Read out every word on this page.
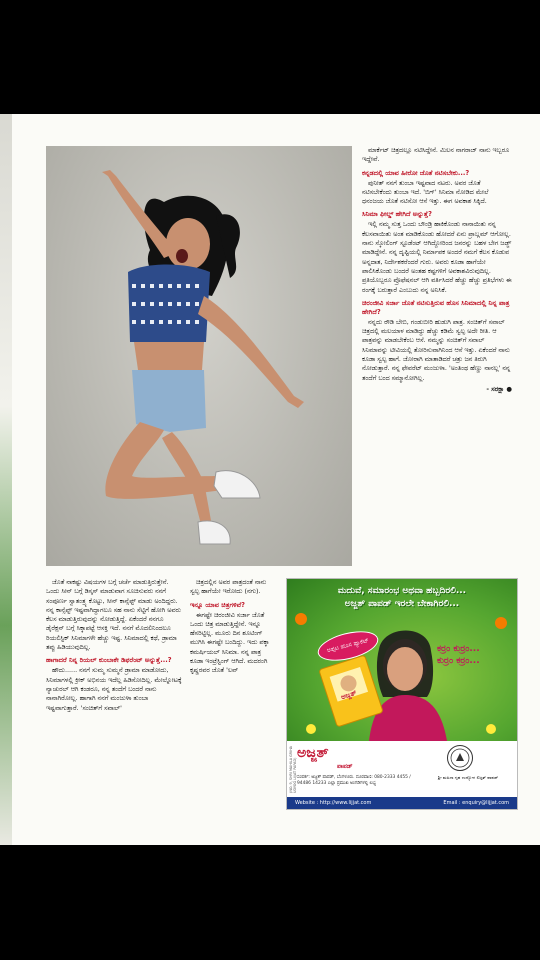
ಮಾರ್ಕೆಟ್ ಚಿತ್ರದಲ್ಲೂ ನಟಿಸಿದ್ದೇನೆ. ಮಿಲನ ನಾಗರಾಜ್ ನಾನು ಇಬ್ಬರೂ ಇದ್ದೇವೆ.

ಕನ್ನಡದಲ್ಲಿ ಯಾವ ಹೀರೋ ಜೊತೆ ನಟಿಸಬೇಕು...?

ಪುನೀತ್ ನನಗೆ ತುಂಬಾ ಇಷ್ಟವಾದ ನಟರು. ಅವರ ಜೊತೆ ನಟಿಸಬೇಕೆಂದು ತುಂಬಾ ಇದೆ. 'ಬಿಗ್' ಸಿನಿಮಾ ನೋಡಿದ ಮೇಲೆ ಧನಂಜಯ ಜೊತೆ ನಟಿಸೋ ಆಸೆ ಇತ್ತು. ಈಗ ಅವಕಾಶ ಸಿಕ್ಕಿದೆ.

ಸಿನಿಮಾ ಫೀಲ್ಡ್ ಹೇಗಿದೆ ಅನ್ನುತ್ತೆ?

ಇಲ್ಲಿ ನಮ್ಮ ಸುತ್ತ ಒಂದು ಬೌಂಡ್ರಿ ಹಾಕಿಕೊಂಡು ನಾನಾಯಿತು ನನ್ನ ಕೆಲಸವಾಯಿತು ಅಂತ ಮಾಡಿಕೊಂಡು ಹೋದರೆ ಏನು ಪ್ರಾಬ್ಲಮ್ ಆಗೋಲ್ಲ. ನಾನು ಸ್ಕೋಲಿಂಗ್ ಸ್ಟೂಡೆಂಟ್ ಆಗಿದ್ದೋರಿಂದ ಜನರನ್ನು ಬಹಳ ಬೇಗ ಜಡ್ಜ್ ಮಾಡಿದ್ದೇನೆ. ನನ್ನ ದೃಷ್ಟಿಯಲ್ಲಿ ನಿರ್ಮಾಪಕ ಅಂದರೆ ನಮಗೆ ಕೆಲಸ ಕೊಡುವ ಅನ್ನದಾತ, ನಿರ್ದೇಶಕರೆಂದರೆ ಗುರು. ಅವರು ಕೂಡಾ ಹಾಗೆಯೇ ಪಾಲಿಸಿಕೊಂಡು ಬಂದರೆ ಅಂತಹ ಕಷ್ಟಗಳಿಗೆ ಅವಕಾಶವಿರುವುದಿಲ್ಲ. ಪ್ರತಿಯೊಬ್ಬರೂ ಪ್ರೊಫೆಷನಲ್ ಆಗಿ ವರ್ತಿಸಿದರೆ ಹೆಚ್ಚು ಹೆಚ್ಚು ಪ್ರತಿಭೆಗಳು ಈ ರಂಗಕ್ಕೆ ಬರುತ್ತಾರೆ ಎಂಬುದು ನನ್ನ ಅನಿಸಿಕೆ.

ಚಿರಂಜೀವಿ ಸರ್ಜಾ ಜೊತೆ ನಟಿಸುತ್ತಿರುವ ಹೊಸ ಸಿನಿಮಾದಲ್ಲಿ ನಿನ್ನ ಪಾತ್ರ ಹೇಗಿದೆ?

ನನ್ನದು ರೌಡಿ ಬೇಬಿ, ಗಂಡುಬೀರಿ ಹುಡುಗಿ ಪಾತ್ರ. ಸಂಚಿತ್‌ಗೆ ಸವಾಲ್ ಚಿತ್ರದಲ್ಲಿ ಮಲಯಾಳ ಮಾಡಿದ್ದು ಹೆಚ್ಚು ಕಡಿಮೆ ಸ್ವಲ್ಪ ಅದೇ ರೀತಿ. ಆ ಪಾತ್ರವನ್ನು ಮಾಡಬೇಕೆಂಬ ಆಸೆ. ನಮ್ಮನ್ನು ಸಂಚಿತ್‌ಗೆ ಸವಾಲ್ ಸಿನಿಮಾವನ್ನು ಟೀವಿಯಲ್ಲಿ ತೋರಿಸುವಾಗಿನಿಂದ ಆಸೆ ಇತ್ತು. ಏಕೆಂದರೆ ನಾನು ಕೂಡಾ ಸ್ವಲ್ಪ ಹಾಗೆ. ಜೋರಾಗಿ ಮಾತಾಡಿದರೆ ಚತ್ರು ಜನ ತಿರುಗಿ ನೋಡುತ್ತಾರೆ. ನನ್ನ ಫೇವರೆಟ್ ಮಂಜುಳಾ. 'ಅಂತಿಂಥ ಹೆಣ್ಣು ನಾನಲ್ಲ' ನನ್ನ ತಂದೆಗೆ ಬಂದ ಸಮ್ಮಾನೋಗಿಲ್ಲ.

- ಸರಕ್ಷಾ ●

ಜೊತೆ ನಾಕಷ್ಟು ವಿಷಯಗಳ ಬಗ್ಗೆ ಚರ್ಚೆ ಮಾಡುತ್ತಿರುತ್ತೇನೆ. ಒಂದು ಸೀನ್ ಬಗ್ಗೆ ಡಿಸ್ಕಸ್ ಮಾಡುವಾಗ ಸೂಚಿಸುವರು ನನಗೆ ಸಂಪೂರ್ಣ ಸ್ವಾತಂತ್ರ್ಯ ಕೊಟ್ಟು, ಸೀನ್ ಕಾನ್ಸೆಪ್ಟ್ ಮಾಡು ಅಂದಿದ್ದರು. ನನ್ನ ಕಾನ್ಸೆಪ್ಟ್ ಇಷ್ಟವಾಗಿದ್ದಾಗಲೂ ಸಹ ನಾನು ಸೆಟ್ಟಿಗೆ ಹೋಗಿ ಅವರು ಕೆಲಸ ಮಾಡುತ್ತಿರುವುದನ್ನು ನೋಡುತ್ತಿದ್ದೆ. ಏಕೆಂದರೆ ನನಗೂ ಡೈರೆಕ್ಷನ್ ಬಗ್ಗೆ ಸಿಕ್ಕಾಪಟ್ಟೆ ಆಸಕ್ತಿ ಇದೆ. ನನಗೆ ಮೊದಲಿನಿಂದಲೂ ರಿಯಲಿಸ್ಟಿಕ್ ಸಿನಿಮಾಗಳೇ ಹೆಚ್ಚು ಇಷ್ಟ. ಸಿನಿಮಾದಲ್ಲಿ ಕಥೆ, ಡ್ರಾಮಾ ತಪ್ಪು ಹಿಡಿಯುವುದಿಲ್ಲ.

ಹಾಗಾದರೆ ನಿನ್ನ ರಿಯಲ್ ಕುಂಬಾಕೇ ಡಿಫರೆಂಟ್ ಅನ್ನುತ್ತೆ...?

ಹೌದು...... ನನಗೆ ಸುಮ್ಮ ಸುಮ್ಮನೆ ಡ್ರಾಮಾ ಮಾಡೋದು, ಸಿನಿಮಾಗಳಲ್ಲಿ ಕ್ರೀಕ್ ಅಭಿನಯ ಇದೆಲ್ಲ ಹಿಡಿಸೋದಿಲ್ಲ. ಮೇಲ್ನೋಟಕ್ಕೆ ನ್ಯಾಚುರಲ್ ಆಗಿ ಕಂಡರೂ, ನನ್ನ ತಂದೆಗೆ ಬಂದರೆ ನಾನು ನಾನಾಗಿರೋಲ್ಲ. ಹಾಗಾಗಿ ನನಗೆ ಮಂಜುಳಾ ತುಂಬಾ ಇಷ್ಟವಾಗುತ್ತಾರೆ. 'ಸಂಚಿತ್‌ಗೆ ಸವಾಲ್'

ಚಿತ್ರದಲ್ಲಿನ ಅವರ ಪಾತ್ರದಂತೆ ನಾನು ಸ್ವಲ್ಪ ಹಾಗೆಯೇ ಇರೋದು (ನಗು).

ಇನ್ನೂ ಯಾವ ಚಿತ್ರಗಳಿವೆ?

ಈಗಷ್ಟೇ ಚಿರಂಜೀವಿ ಸರ್ಜಾ ಜೊತೆ ಒಂದು ಚಿತ್ರ ಮಾಡುತ್ತಿದ್ದೇನೆ. ಇನ್ನೂ ಹೆಸರಿಟ್ಟಿಲ್ಲ. ಮೂರು ದಿನ ಶೂಟಿಂಗ್ ಮುಗಿಸಿ ಈಗಷ್ಟೇ ಬಂದಿದ್ದು. ಇದು ಪಕ್ಕಾ ಕಮರ್ಷಿಯಲ್ ಸಿನಿಮಾ. ನನ್ನ ಪಾತ್ರ ಕೂಡಾ ಇಂಟ್ರೆಸ್ಟಿಂಗ್ ಆಗಿದೆ. ಮದರಂಗಿ ಕೃಷ್ಣರವರ ಜೊತೆ 'ಲವ್

ಮದುವೆ, ಸಮಾರಂಭ ಅಥವಾ ಹಬ್ಬದಿರಲಿ...
ಅಜ್ಜತ್ ಪಾಪಡ್ ಇರಲೇ ಬೇಕಾಗಿರಲಿ...
ಅಪ್ಪಟ ಹೊಸ ಪ್ಯಾಕೆಟ್	ಕರ್ರಂ ಕುರ್ರಂ...
ಕುರ್ರಂ ಕರ್ರಂ...
ಅಜ್ಜತ್
ಅಜ್ಜತ್
ಪಾಪಡ್
ಸಂಪರ್ಕ: ಅಜ್ಜತ್ ಪಾಪಡ್, ಬೆಂಗಳೂರು. ದೂರವಾಣಿ: 080-2333 4455 / 94486 14233 ಎಲ್ಲಾ ಪ್ರಮುಖ ಅಂಗಡಿಗಳಲ್ಲಿ ಲಭ್ಯ
ಶ್ರೀ ಮಹಿಳಾ ಗೃಹ ಉದ್ಯೋಗ ಲಿಜ್ಜತ್ ಪಾಪಡ್
(NO. 9, SHRI MAHILA GRIHA UDYOG LIJJAT PAPAD)
Website : http://www.lijjat.com	Email : enquiry@lijjat.com
